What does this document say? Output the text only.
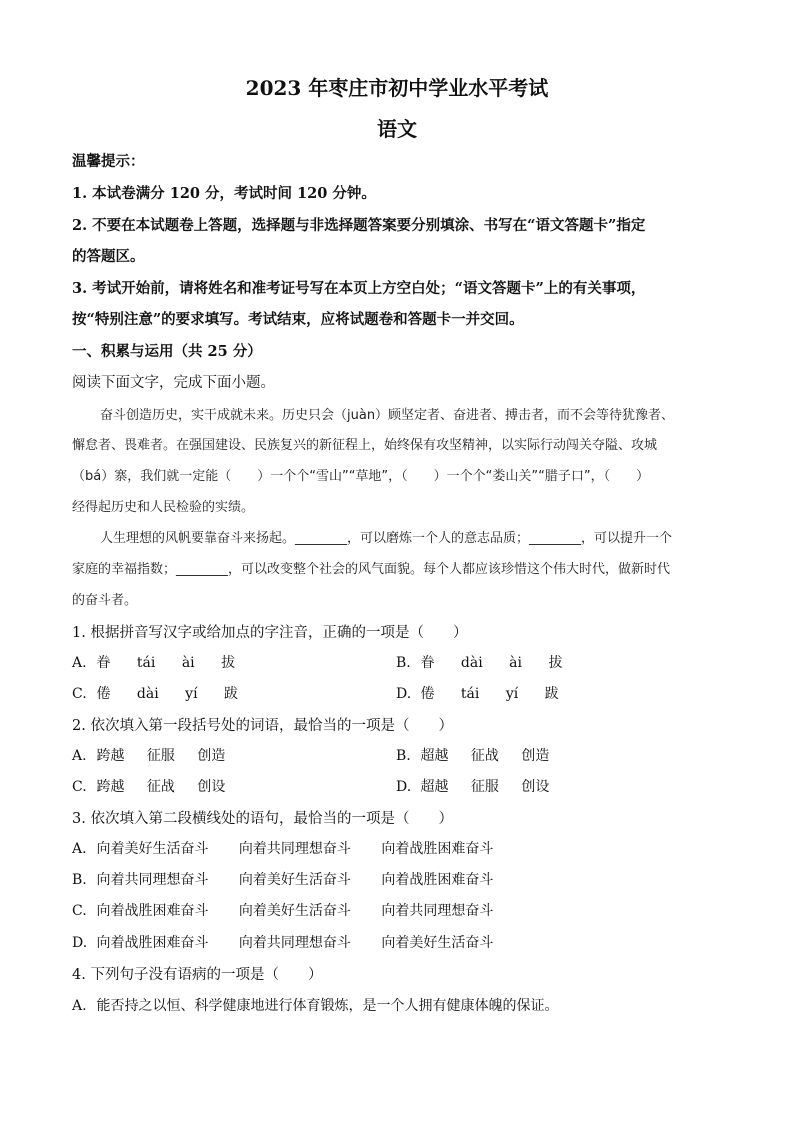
2023 年枣庄市初中学业水平考试
语文
温馨提示：
1. 本试卷满分 120 分，考试时间 120 分钟。
2. 不要在本试题卷上答题，选择题与非选择题答案要分别填涂、书写在“语文答题卡”指定
的答题区。
3. 考试开始前，请将姓名和准考证号写在本页上方空白处；“语文答题卡”上的有关事项，
按“特别注意”的要求填写。考试结束，应将试题卷和答题卡一并交回。
一、积累与运用（共 25 分）
阅读下面文字，完成下面小题。
奋斗创造历史，实干成就未来。历史只会（juàn）顾坚定者、奋进者、搏击者，而不会等待犹豫者、
懈怠者、畏难者。在强国建设、民族复兴的新征程上，始终保有攻坚精神，以实际行动闯关夺隘、攻城
（bá）寨，我们就一定能（　　）一个个“雪山”“草地”，（　　）一个个“娄山关”“腊子口”，（　　）
经得起历史和人民检验的实绩。
人生理想的风帆要靠奋斗来扬起。________，可以磨炼一个人的意志品质；________，可以提升一个
家庭的幸福指数；________，可以改变整个社会的风气面貌。每个人都应该珍惜这个伟大时代，做新时代
的奋斗者。
1. 根据拼音写汉字或给加点的字注音，正确的一项是（　　）
A. 眷 tái ài 拔	B. 眷 dài ài 拔
C. 倦 dài yí 跋	D. 倦 tái yí 跋
2. 依次填入第一段括号处的词语，最恰当的一项是（　　）
A. 跨越 征服 创造	B. 超越 征战 创造
C. 跨越 征战 创设	D. 超越 征服 创设
3. 依次填入第二段横线处的语句，最恰当的一项是（　　）
A. 向着美好生活奋斗 向着共同理想奋斗 向着战胜困难奋斗
B. 向着共同理想奋斗 向着美好生活奋斗 向着战胜困难奋斗
C. 向着战胜困难奋斗 向着美好生活奋斗 向着共同理想奋斗
D. 向着战胜困难奋斗 向着共同理想奋斗 向着美好生活奋斗
4. 下列句子没有语病的一项是（　　）
A. 能否持之以恒、科学健康地进行体育锻炼，是一个人拥有健康体魄的保证。
